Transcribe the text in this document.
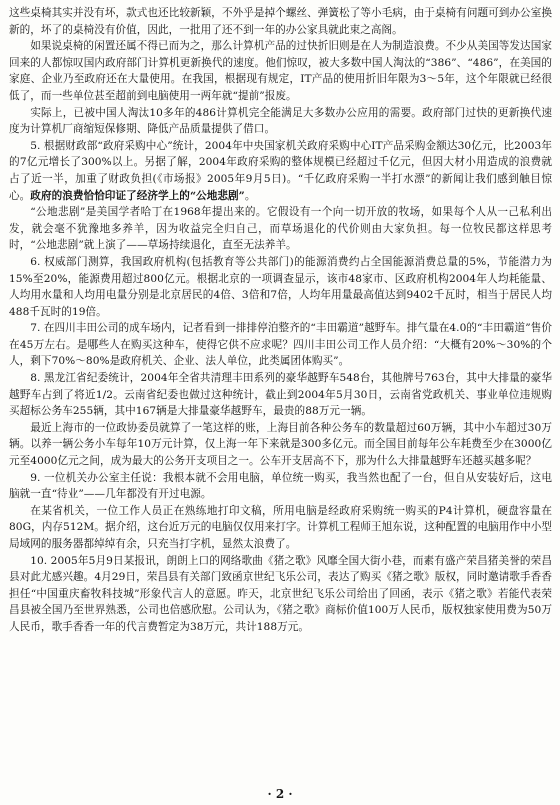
这些桌椅其实并没有坏，款式也还比较新颖，不外乎是掉个螺丝、弹簧松了等小毛病，由于桌椅有问题可到办公室换新的，坏了的桌椅没有价值，因此，一批用了还不到一年的办公家具就此束之高阁。

如果说桌椅的闲置还属不得已而为之，那么计算机产品的过快折旧则是在人为制造浪费。不少从美国等发达国家回来的人都惊叹国内政府部门计算机更新换代的速度。他们惊叹，被大多数中国人淘汰的“386”、“486”，在美国的家庭、企业乃至政府还在大量使用。在我国，根据现有规定，IT产品的使用折旧年限为3～5年，这个年限就已经很低了，而一些单位甚至超前到电脑使用一两年就“提前”报废。

实际上，已被中国人淘汰10多年的486计算机完全能满足大多数办公应用的需要。政府部门过快的更新换代速度为计算机厂商缩短保修期、降低产品质量提供了借口。

5. 根据财政部“政府采购中心”统计，2004年中央国家机关政府采购中心IT产品采购金额达30亿元，比2003年的7亿元增长了300%以上。另据了解，2004年政府采购的整体规模已经超过千亿元，但因大材小用造成的浪费就占了近一半，加重了财政负担(《市场报》2005年9月5日)。“千亿政府采购一半打水漂”的新闻让我们感到触目惊心。政府的浪费恰恰印证了经济学上的“公地悲剧”。

“公地悲剧”是美国学者哈丁在1968年提出来的。它假设有一个向一切开放的牧场，如果每个人从一己私利出发，就会毫不犹豫地多养羊，因为收益完全归自己，而草场退化的代价则由大家负担。每一位牧民都这样思考时，“公地悲剧”就上演了——草场持续退化，直至无法养羊。

6. 权威部门测算，我国政府机构(包括教育等公共部门)的能源消费约占全国能源消费总量的5%，节能潜力为15%至20%，能源费用超过800亿元。根据北京的一项调查显示，该市48家市、区政府机构2004年人均耗能量、人均用水量和人均用电量分别是北京居民的4倍、3倍和7倍，人均年用量最高值达到9402千瓦时，相当于居民人均488千瓦时的19倍。

7. 在四川丰田公司的成车场内，记者看到一排排停泊整齐的“丰田霸道”越野车。排气量在4.0的“丰田霸道”售价在45万左右。是哪些人在购买这种车，使得它供不应求呢？四川丰田公司工作人员介绍：“大概有20%～30%的个人，剩下70%～80%是政府机关、企业、法人单位，此类属团体购买”。

8. 黑龙江省纪委统计，2004年全省共清理丰田系列的豪华越野车548台，其他牌号763台，其中大排量的豪华越野车占到了将近1/2。云南省纪委也做过这种统计，截止到2004年5月30日，云南省党政机关、事业单位违规购买超标公务车255辆，其中167辆是大排量豪华越野车，最贵的88万元一辆。

最近上海市的一位政协委员就算了一笔这样的账，上海目前各种公务车的数量超过60万辆，其中小车超过30万辆。以养一辆公务小车每年10万元计算，仅上海一年下来就是300多亿元。而全国目前每年公车耗费至少在3000亿元至4000亿元之间，成为最大的公务开支项目之一。公车开支居高不下，那为什么大排量越野车还越买越多呢？

9. 一位机关办公室主任说：我根本就不会用电脑，单位统一购买，我当然也配了一台，但自从安装好后，这电脑就一直“待业”——几年都没有开过电源。

在某省机关，一位工作人员正在熟练地打印文稿，所用电脑是经政府采购统一购买的P4计算机，硬盘容量在80G，内存512M。据介绍，这台近万元的电脑仅仅用来打字。计算机工程师王旭东说，这种配置的电脑用作中小型局域网的服务器都绰绰有余，只充当打字机，显然太浪费了。

10. 2005年5月9日某报讯，朗朗上口的网络歌曲《猪之歌》风靡全国大街小巷，而素有盛产荣昌猪美誉的荣昌县对此尤感兴趣。4月29日，荣昌县有关部门致函京世纪飞乐公司，表达了购买《猪之歌》版权，同时邀请歌手香香担任“中国重庆畜牧科技城”形象代言人的意愿。昨天，北京世纪飞乐公司给出了回函，表示《猪之歌》若能代表荣昌县被全国乃至世界熟悉，公司也倍感欣慰。公司认为，《猪之歌》商标价值100万人民币，版权独家使用费为50万人民币，歌手香香一年的代言费暂定为38万元，共计188万元。

· 2 ·
